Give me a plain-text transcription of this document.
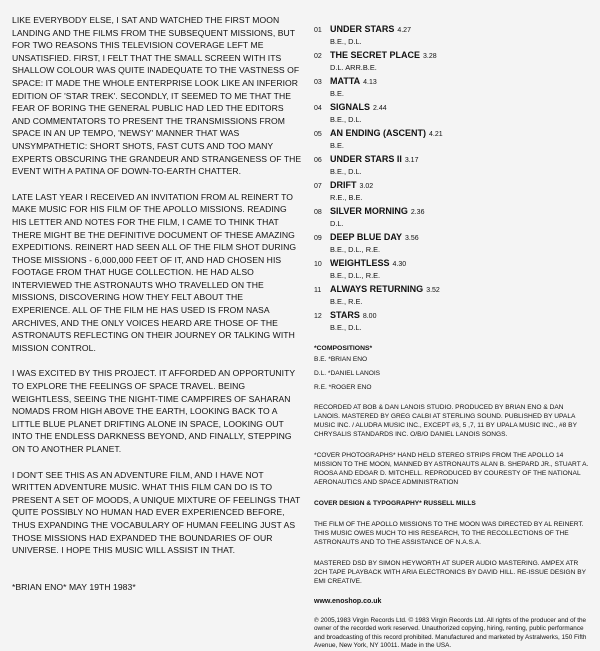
LIKE EVERYBODY ELSE, I SAT AND WATCHED THE FIRST MOON LANDING AND THE FILMS FROM THE SUBSEQUENT MISSIONS, BUT FOR TWO REASONS THIS TELEVISION COVERAGE LEFT ME UNSATISFIED. FIRST, I FELT THAT THE SMALL SCREEN WITH ITS SHALLOW COLOUR WAS QUITE INADEQUATE TO THE VASTNESS OF SPACE: IT MADE THE WHOLE ENTERPRISE LOOK LIKE AN INFERIOR EDITION OF 'STAR TREK'. SECONDLY, IT SEEMED TO ME THAT THE FEAR OF BORING THE GENERAL PUBLIC HAD LED THE EDITORS AND COMMENTATORS TO PRESENT THE TRANSMISSIONS FROM SPACE IN AN UP TEMPO, 'NEWSY' MANNER THAT WAS UNSYMPATHETIC: SHORT SHOTS, FAST CUTS AND TOO MANY EXPERTS OBSCURING THE GRANDEUR AND STRANGENESS OF THE EVENT WITH A PATINA OF DOWN-TO-EARTH CHATTER.

LATE LAST YEAR I RECEIVED AN INVITATION FROM AL REINERT TO MAKE MUSIC FOR HIS FILM OF THE APOLLO MISSIONS. READING HIS LETTER AND NOTES FOR THE FILM, I CAME TO THINK THAT THERE MIGHT BE THE DEFINITIVE DOCUMENT OF THESE AMAZING EXPEDITIONS. REINERT HAD SEEN ALL OF THE FILM SHOT DURING THOSE MISSIONS - 6,000,000 FEET OF IT, AND HAD CHOSEN HIS FOOTAGE FROM THAT HUGE COLLECTION. HE HAD ALSO INTERVIEWED THE ASTRONAUTS WHO TRAVELLED ON THE MISSIONS, DISCOVERING HOW THEY FELT ABOUT THE EXPERIENCE. ALL OF THE FILM HE HAS USED IS FROM NASA ARCHIVES, AND THE ONLY VOICES HEARD ARE THOSE OF THE ASTRONAUTS REFLECTING ON THEIR JOURNEY OR TALKING WITH MISSION CONTROL.

I WAS EXCITED BY THIS PROJECT. IT AFFORDED AN OPPORTUNITY TO EXPLORE THE FEELINGS OF SPACE TRAVEL. BEING WEIGHTLESS, SEEING THE NIGHT-TIME CAMPFIRES OF SAHARAN NOMADS FROM HIGH ABOVE THE EARTH, LOOKING BACK TO A LITTLE BLUE PLANET DRIFTING ALONE IN SPACE, LOOKING OUT INTO THE ENDLESS DARKNESS BEYOND, AND FINALLY, STEPPING ON TO ANOTHER PLANET.

I DON'T SEE THIS AS AN ADVENTURE FILM, AND I HAVE NOT WRITTEN ADVENTURE MUSIC. WHAT THIS FILM CAN DO IS TO PRESENT A SET OF MOODS, A UNIQUE MIXTURE OF FEELINGS THAT QUITE POSSIBLY NO HUMAN HAD EVER EXPERIENCED BEFORE, THUS EXPANDING THE VOCABULARY OF HUMAN FEELING JUST AS THOSE MISSIONS HAD EXPANDED THE BOUNDARIES OF OUR UNIVERSE. I HOPE THIS MUSIC WILL ASSIST IN THAT.

*BRIAN ENO* MAY 19TH 1983*

01 UNDER STARS 4.27
B.E., D.L.
02 THE SECRET PLACE 3.28
D.L. ARR.B.E.
03 MATTA 4.13
B.E.
04 SIGNALS 2.44
B.E., D.L.
05 AN ENDING (ASCENT) 4.21
B.E.
06 UNDER STARS II 3.17
B.E., D.L.
07 DRIFT 3.02
R.E., B.E.
08 SILVER MORNING 2.36
D.L.
09 DEEP BLUE DAY 3.56
B.E., D.L., R.E.
10 WEIGHTLESS 4.30
B.E., D.L., R.E.
11 ALWAYS RETURNING 3.52
B.E., R.E.
12 STARS 8.00
B.E., D.L.
*COMPOSITIONS*
B.E. *BRIAN ENO
D.L. *DANIEL LANOIS
R.E. *ROGER ENO
RECORDED AT BOB & DAN LANOIS STUDIO. PRODUCED BY BRIAN ENO & DAN LANOIS. MASTERED BY GREG CALBI AT STERLING SOUND. PUBLISHED BY UPALA MUSIC INC. / ALUDRA MUSIC INC., EXCEPT #3, 5 ,7, 11 BY UPALA MUSIC INC., #8 BY CHRYSALIS STANDARDS INC. O/B/O DANIEL LANOIS SONGS.
*COVER PHOTOGRAPHS* HAND HELD STEREO STRIPS FROM THE APOLLO 14 MISSION TO THE MOON, MANNED BY ASTRONAUTS ALAN B. SHEPARD JR., STUART A. ROOSA AND EDGAR D. MITCHELL. REPRODUCED BY COURESTY OF THE NATIONAL AERONAUTICS AND SPACE ADMINISTRATION
COVER DESIGN & TYPOGRAPHY* RUSSELL MILLS
THE FILM OF THE APOLLO MISSIONS TO THE MOON WAS DIRECTED BY AL REINERT. THIS MUSIC OWES MUCH TO HIS RESEARCH, TO THE RECOLLECTIONS OF THE ASTRONAUTS AND TO THE ASSISTANCE OF N.A.S.A.
MASTERED DSD BY SIMON HEYWORTH AT SUPER AUDIO MASTERING. AMPEX ATR 2CH TAPE PLAYBACK WITH ARIA ELECTRONICS BY DAVID HILL. RE-ISSUE DESIGN BY EMI CREATIVE.
www.enoshop.co.uk
℗ 2005,1983 Virgin Records Ltd. © 1983 Virgin Records Ltd. All rights of the producer and of the owner of the recorded work reserved. Unauthorized copying, hiring, renting, public performance and broadcasting of this record prohibited. Manufactured and marketed by Astralwerks, 150 Fifth Avenue, New York, NY 10011. Made in the USA.
